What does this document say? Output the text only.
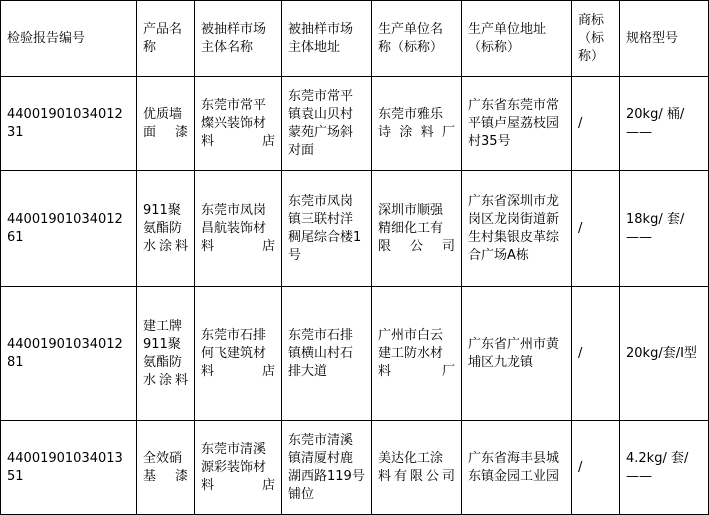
检验报告编号	产品名称	被抽样市场主体名称	被抽样市场主体地址	生产单位名称（标称）	生产单位地址（标称）	商标（标称）	规格型号
4400190103401231	优质墙面漆	东莞市常平燦兴装饰材料店	东莞市常平镇袁山贝村蒙苑广场斜对面	东莞市雅乐诗涂料厂	广东省东莞市常平镇卢屋荔枝园村35号	/	20kg/ 桶/——
4400190103401261	911聚氨酯防水涂料	东莞市凤岗昌航装饰材料店	东莞市凤岗镇三联村洋稠尾综合楼1号	深圳市顺强精细化工有限公司	广东省深圳市龙岗区龙岗街道新生村集银皮革综合广场A栋	/	18kg/ 套/——
4400190103401281	建工牌911聚氨酯防水涂料	东莞市石排何飞建筑材料店	东莞市石排镇横山村石排大道	广州市白云建工防水材料厂	广东省广州市黄埔区九龙镇	/	20kg/套/I型
4400190103401351	全效硝基漆	东莞市清溪源彩装饰材料店	东莞市清溪镇清厦村鹿湖西路119号铺位	美达化工涂料有限公司	广东省海丰县城东镇金园工业园	/	4.2kg/ 套/——
